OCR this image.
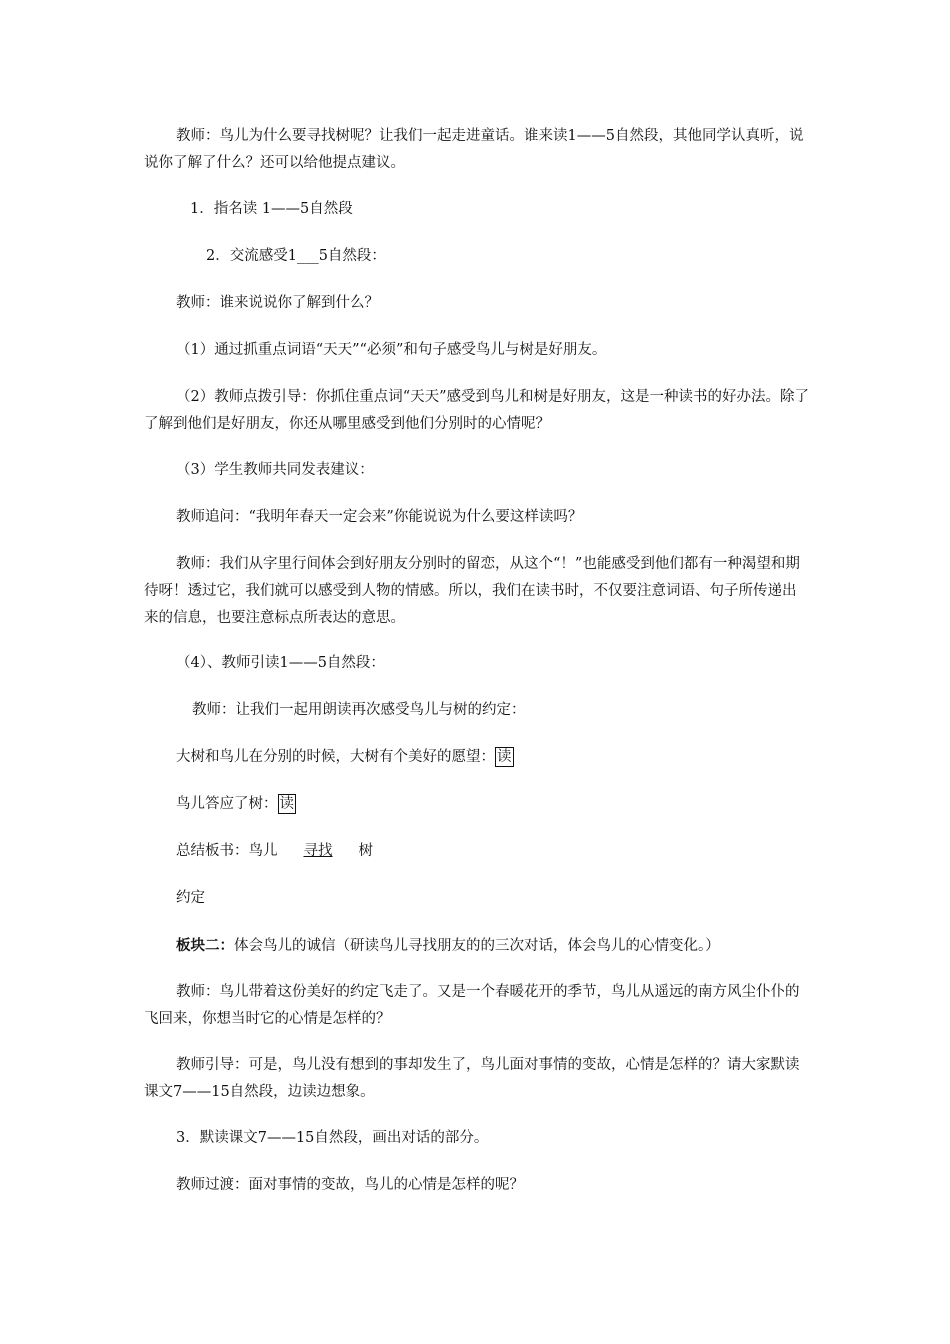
教师：鸟儿为什么要寻找树呢？让我们一起走进童话。谁来读1——5自然段，其他同学认真听，说说你了解了什么？还可以给他提点建议。

1．指名读 1——5自然段

2．交流感受1___5自然段：

教师：谁来说说你了解到什么？

（1）通过抓重点词语“天天”“必须”和句子感受鸟儿与树是好朋友。

（2）教师点拨引导：你抓住重点词“天天”感受到鸟儿和树是好朋友，这是一种读书的好办法。除了了解到他们是好朋友，你还从哪里感受到他们分别时的心情呢？

（3）学生教师共同发表建议：

教师追问：“我明年春天一定会来”你能说说为什么要这样读吗？

教师：我们从字里行间体会到好朋友分别时的留恋，从这个“！”也能感受到他们都有一种渴望和期待呀！透过它，我们就可以感受到人物的情感。所以，我们在读书时，不仅要注意词语、句子所传递出来的信息，也要注意标点所表达的意思。

（4）、教师引读1——5自然段：

教师：让我们一起用朗读再次感受鸟儿与树的约定：

大树和鸟儿在分别的时候，大树有个美好的愿望： 读

鸟儿答应了树： 读

总结板书：鸟儿 寻找 树

约定

板块二：体会鸟儿的诚信（研读鸟儿寻找朋友的的三次对话，体会鸟儿的心情变化。）

教师：鸟儿带着这份美好的约定飞走了。又是一个春暖花开的季节，鸟儿从遥远的南方风尘仆仆的飞回来，你想当时它的心情是怎样的？

教师引导：可是，鸟儿没有想到的事却发生了，鸟儿面对事情的变故，心情是怎样的？请大家默读课文7——15自然段，边读边想象。

3．默读课文7——15自然段，画出对话的部分。

教师过渡：面对事情的变故，鸟儿的心情是怎样的呢？
